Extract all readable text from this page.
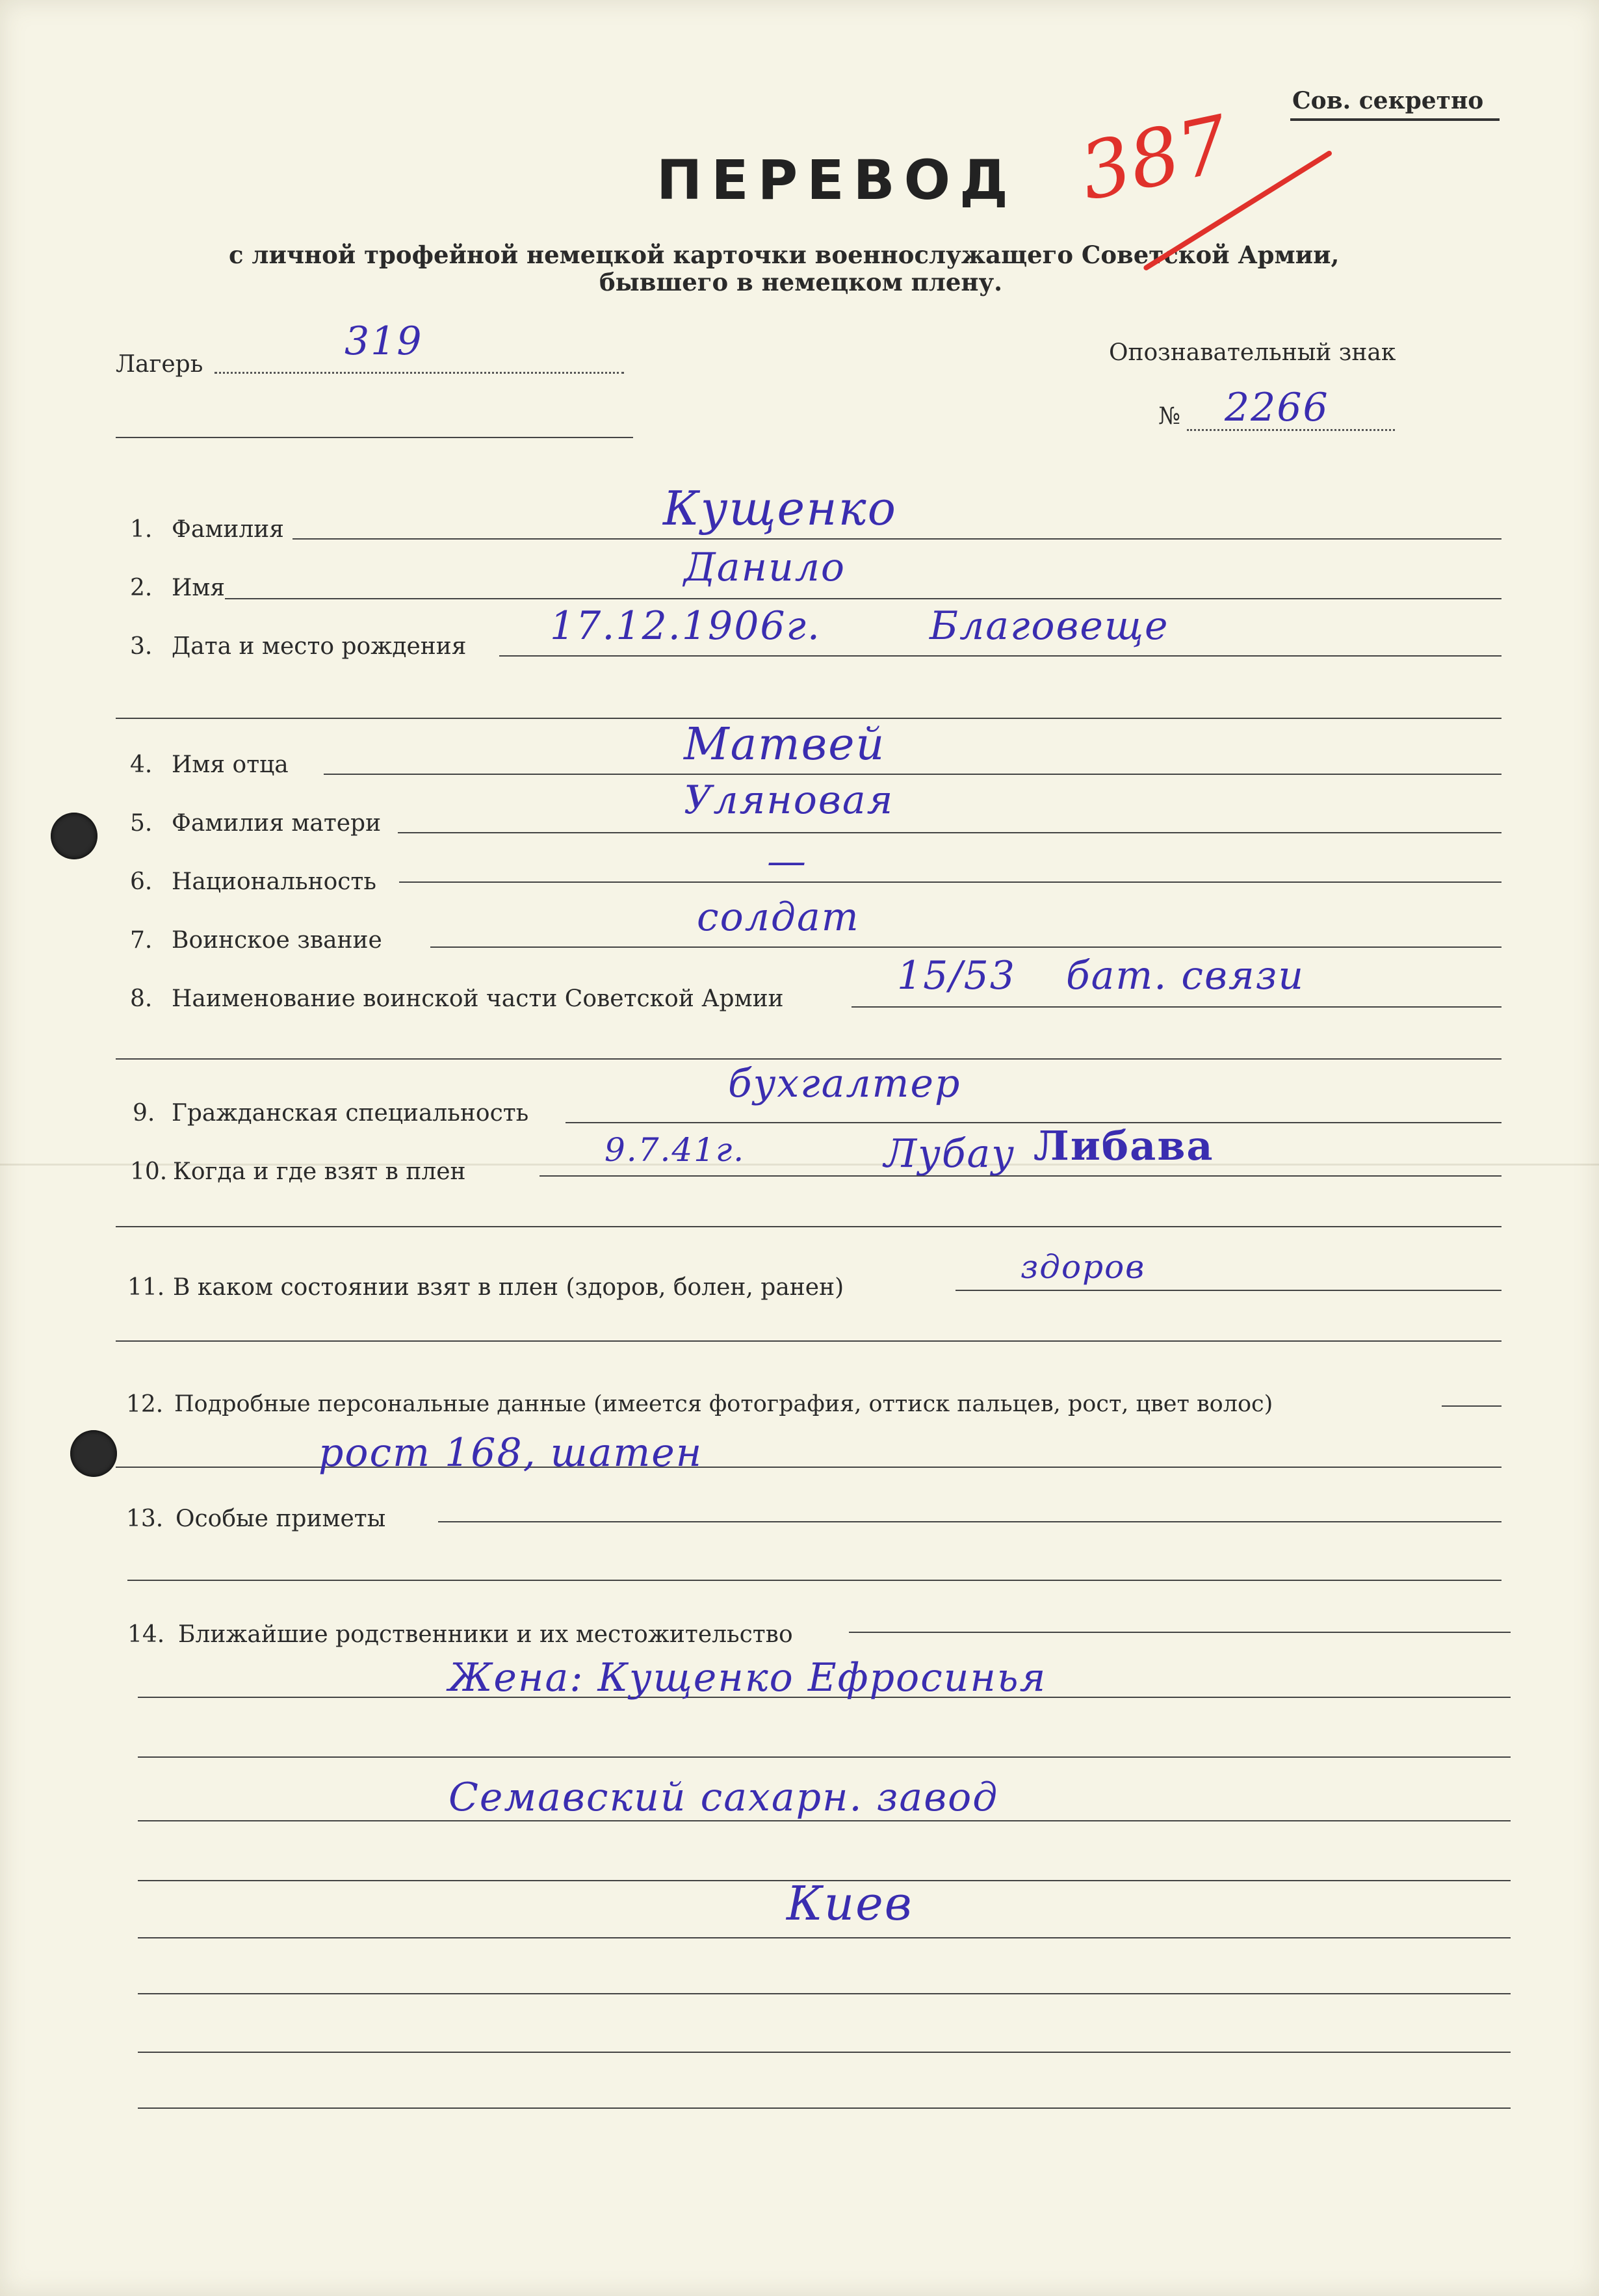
Сов. секретно
ПЕРЕВОД
с личной трофейной немецкой карточки военнослужащего Советской Армии,
бывшего в немецком плену.
387
Лагерь
319	Опознавательный знак
№ 2266
1. Фамилия	Кущенко
2. Имя	Данило
3. Дата и место рождения 17.12.1906г.	Благовеще
4. Имя отца	Матвей
5. Фамилия матери
Уляновая
6. Национальность	—
7. Воинское звание
солдат
8. Наименование воинской части Советской Армии
15/53 бат. связи
9. Гражданская специальность
бухгалтер
10. Когда и где взят в плен
9.7.41г.	Лубау Либава
11. В каком состоянии взят в плен (здоров, болен, ранен)
здоров
12. Подробные персональные данные (имеется фотография, оттиск пальцев, рост, цвет волос)
рост 168, шатен
13. Особые приметы
14. Ближайшие родственники и их местожительство
Жена: Кущенко Ефросинья
Семавский сахарн. завод
Киев
